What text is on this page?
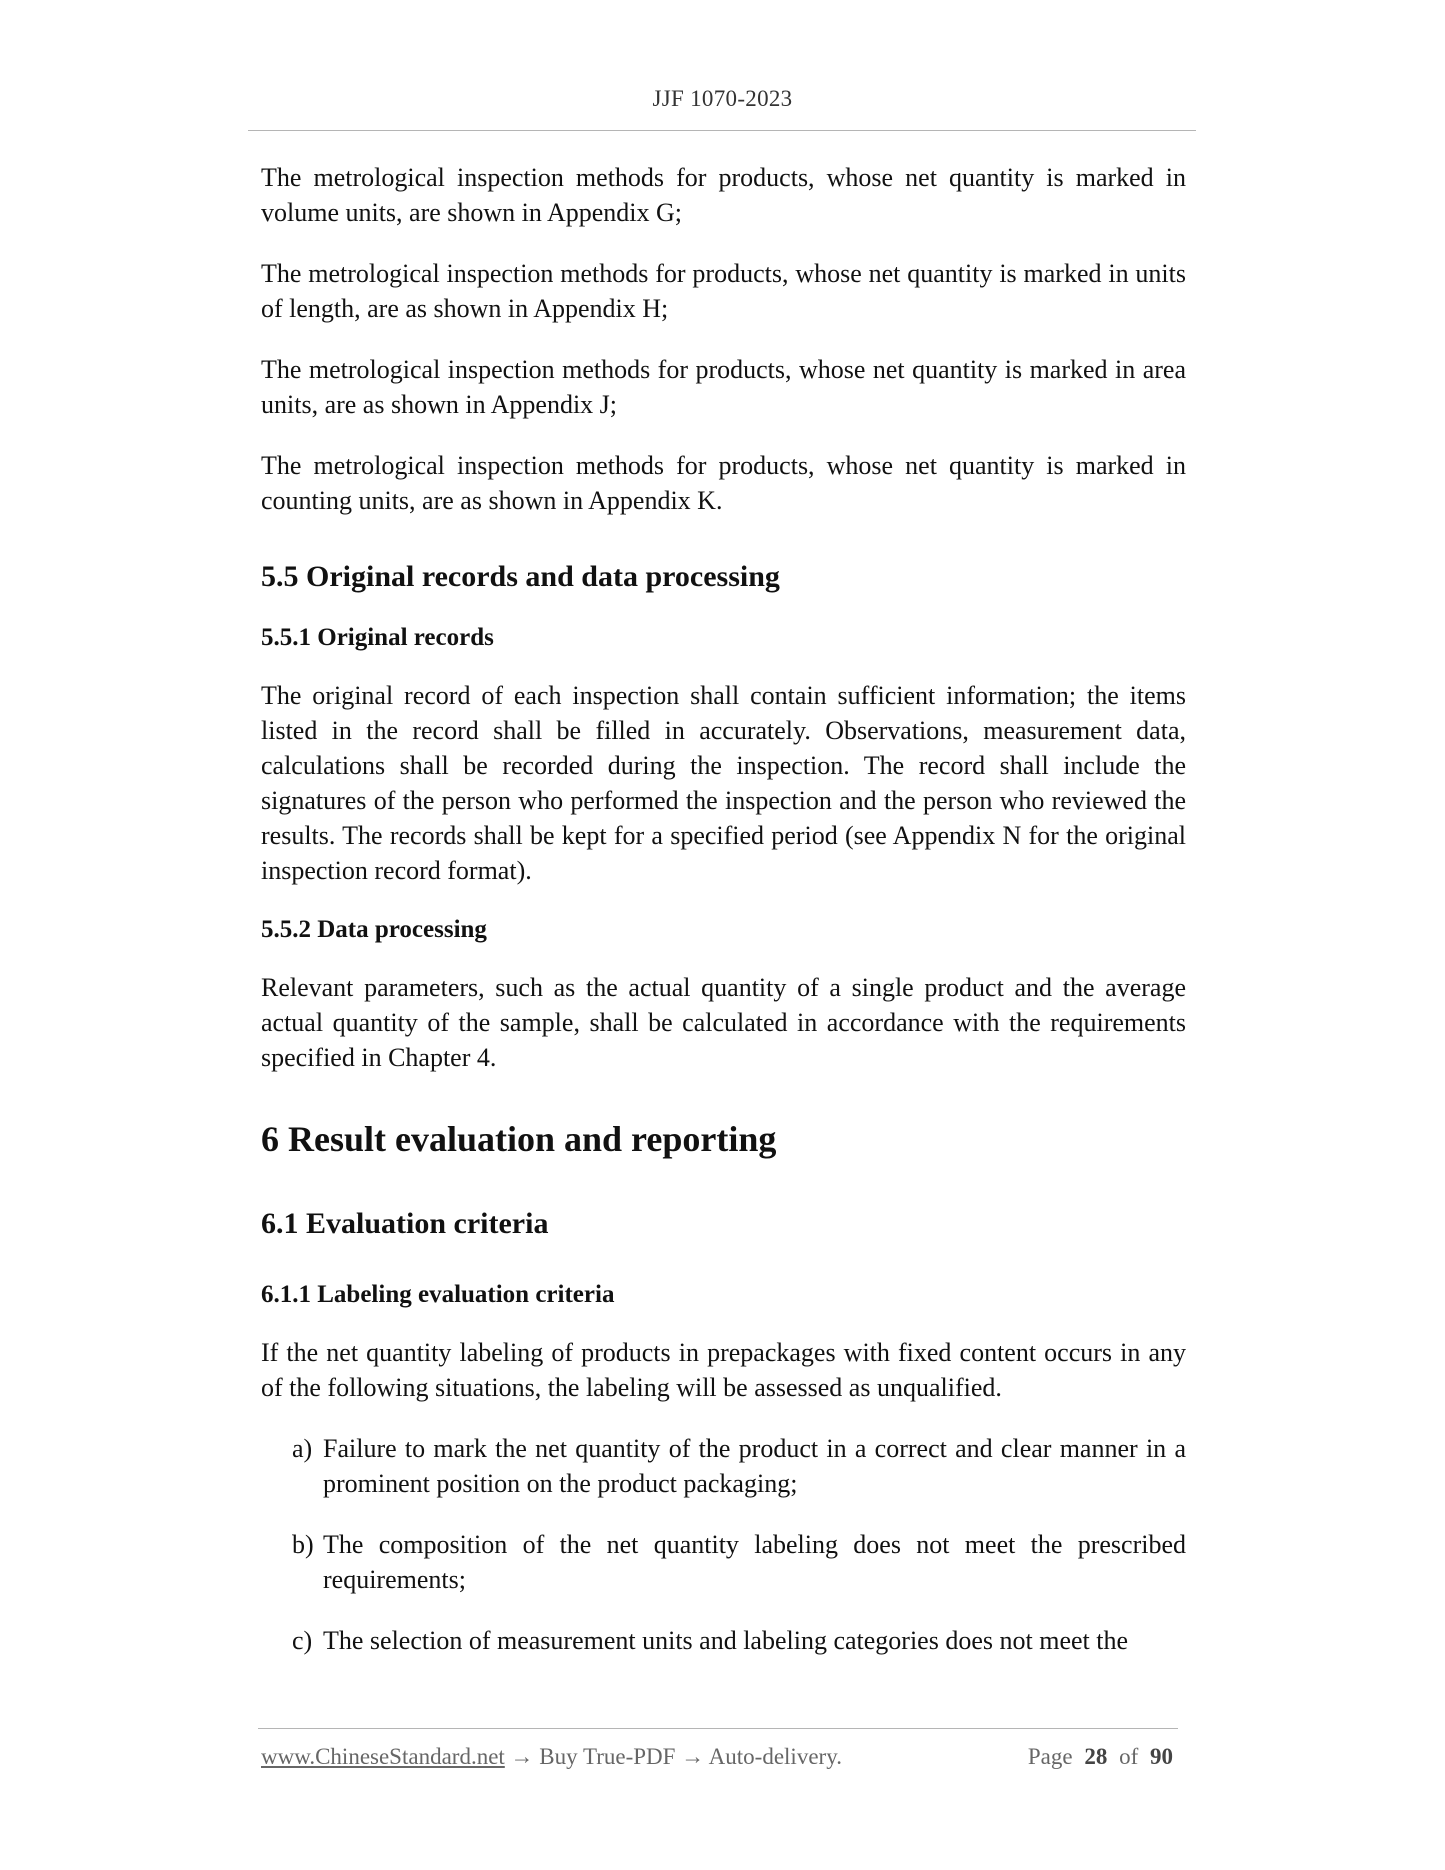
JJF 1070-2023

The metrological inspection methods for products, whose net quantity is marked in volume units, are shown in Appendix G;

The metrological inspection methods for products, whose net quantity is marked in units of length, are as shown in Appendix H;

The metrological inspection methods for products, whose net quantity is marked in area units, are as shown in Appendix J;

The metrological inspection methods for products, whose net quantity is marked in counting units, are as shown in Appendix K.

5.5 Original records and data processing
5.5.1 Original records

The original record of each inspection shall contain sufficient information; the items listed in the record shall be filled in accurately. Observations, measurement data, calculations shall be recorded during the inspection. The record shall include the signatures of the person who performed the inspection and the person who reviewed the results. The records shall be kept for a specified period (see Appendix N for the original inspection record format).

5.5.2 Data processing

Relevant parameters, such as the actual quantity of a single product and the average actual quantity of the sample, shall be calculated in accordance with the requirements specified in Chapter 4.

6 Result evaluation and reporting
6.1 Evaluation criteria
6.1.1 Labeling evaluation criteria

If the net quantity labeling of products in prepackages with fixed content occurs in any of the following situations, the labeling will be assessed as unqualified.

a) Failure to mark the net quantity of the product in a correct and clear manner in a prominent position on the product packaging;
b) The composition of the net quantity labeling does not meet the prescribed requirements;
c) The selection of measurement units and labeling categories does not meet the
www.ChineseStandard.net → Buy True-PDF → Auto-delivery.	Page 28 of 90
